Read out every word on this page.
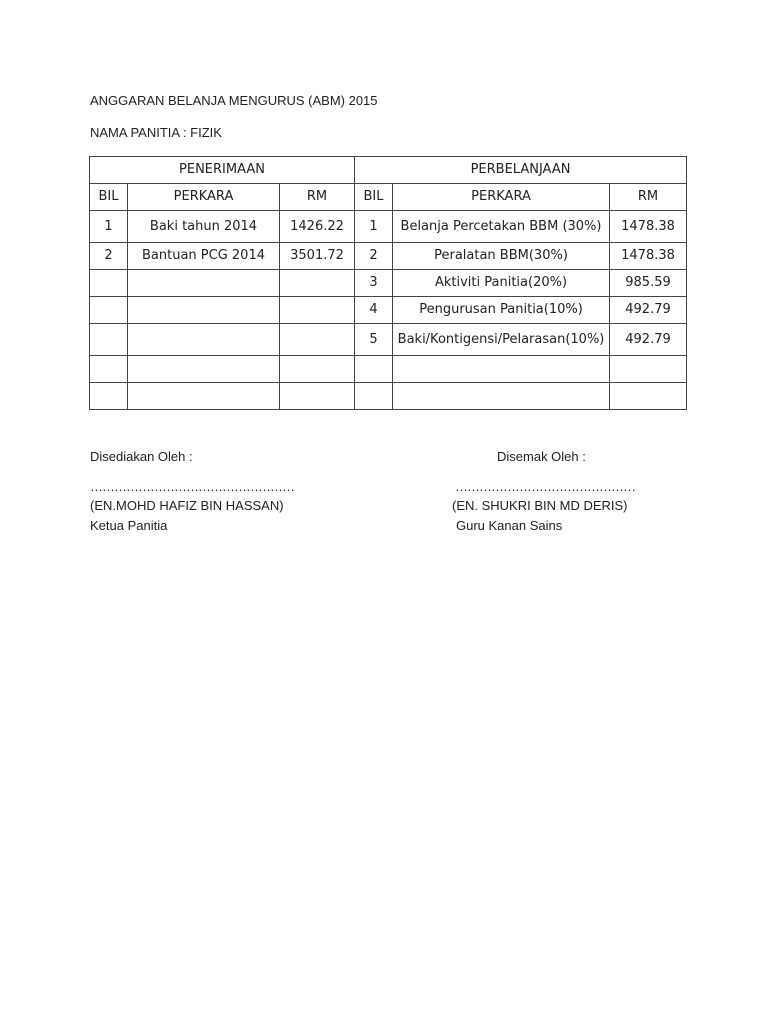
ANGGARAN BELANJA MENGURUS (ABM) 2015
NAMA PANITIA : FIZIK
PENERIMAAN			PERBELANJAAN		
BIL	PERKARA	RM	BIL	PERKARA	RM
1	Baki tahun 2014	1426.22	1	Belanja Percetakan BBM (30%)	1478.38
2	Bantuan PCG 2014	3501.72	2	Peralatan BBM(30%)	1478.38
			3	Aktiviti Panitia(20%)	985.59
			4	Pengurusan Panitia(10%)	492.79
			5	Baki/Kontigensi/Pelarasan(10%)	492.79

Disediakan Oleh :
……………………………………………
(EN.MOHD HAFIZ BIN HASSAN)
Ketua Panitia
Disemak Oleh :
………………………………………
(EN. SHUKRI BIN MD DERIS)
Guru Kanan Sains
